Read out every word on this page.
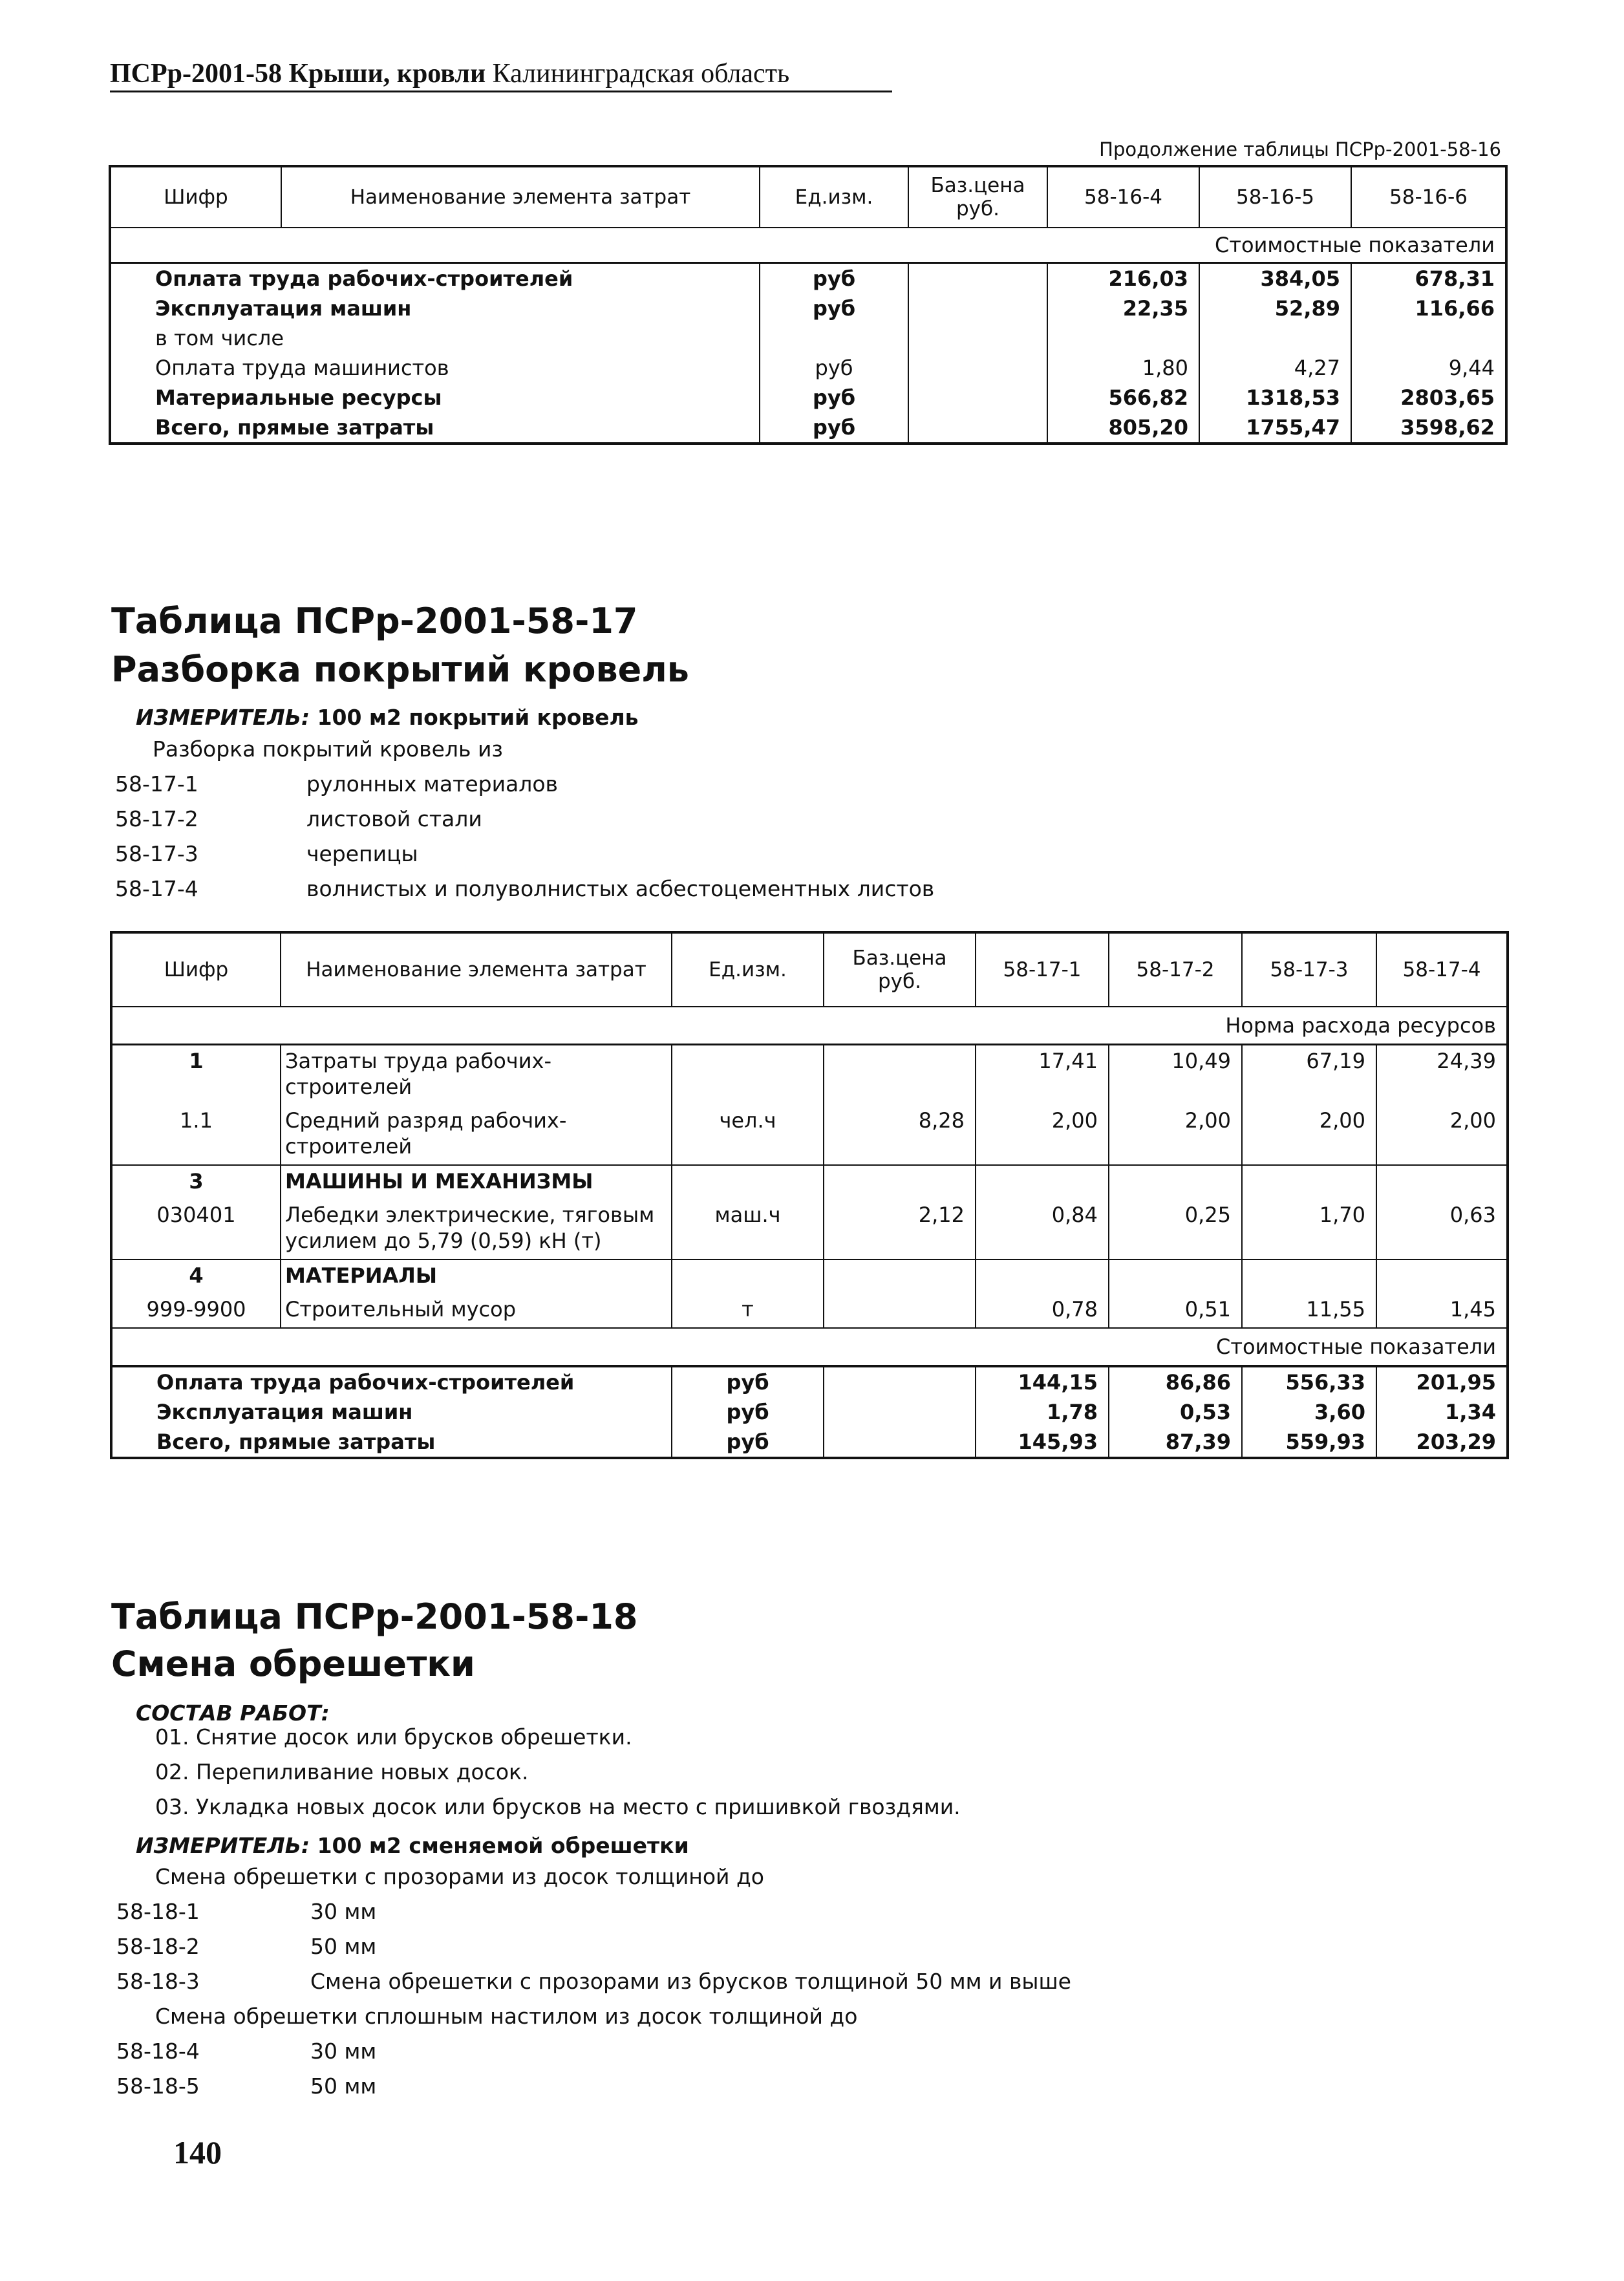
ПСРр-2001-58 Крыши, кровли Калининградская область
Продолжение таблицы ПСРр-2001-58-16
Шифр	Наименование элемента затрат	Ед.изм.	Баз.цена руб.	58-16-4	58-16-5	58-16-6
Стоимостные показатели						
Оплата труда рабочих-строителей		руб		216,03	384,05	678,31
Эксплуатация машин		руб		22,35	52,89	116,66
в том числе						
Оплата труда машинистов		руб		1,80	4,27	9,44
Материальные ресурсы		руб		566,82	1318,53	2803,65
Всего, прямые затраты		руб		805,20	1755,47	3598,62
Таблица ПСРр-2001-58-17
Разборка покрытий кровель
ИЗМЕРИТЕЛЬ: 100 м2 покрытий кровель
Разборка покрытий кровель из
58-17-1	рулонных материалов
58-17-2	листовой стали
58-17-3	черепицы
58-17-4	волнистых и полуволнистых асбестоцементных листов
Шифр	Наименование элемента затрат	Ед.изм.	Баз.цена руб.	58-17-1	58-17-2	58-17-3	58-17-4
Норма расхода ресурсов							
1	Затраты труда рабочих-строителей			17,41	10,49	67,19	24,39
1.1	Средний разряд рабочих-строителей	чел.ч	8,28	2,00	2,00	2,00	2,00
3	МАШИНЫ И МЕХАНИЗМЫ						
030401	Лебедки электрические, тяговым усилием до 5,79 (0,59) кН (т)	маш.ч	2,12	0,84	0,25	1,70	0,63
4	МАТЕРИАЛЫ						
999-9900	Строительный мусор	т		0,78	0,51	11,55	1,45
Стоимостные показатели							
Оплата труда рабочих-строителей		руб		144,15	86,86	556,33	201,95
Эксплуатация машин		руб		1,78	0,53	3,60	1,34
Всего, прямые затраты		руб		145,93	87,39	559,93	203,29
Таблица ПСРр-2001-58-18
Смена обрешетки
СОСТАВ РАБОТ:
01. Снятие досок или брусков обрешетки.
02. Перепиливание новых досок.
03. Укладка новых досок или брусков на место с пришивкой гвоздями.
ИЗМЕРИТЕЛЬ: 100 м2 сменяемой обрешетки
Смена обрешетки с прозорами из досок толщиной до
58-18-1	30 мм
58-18-2	50 мм
58-18-3	Смена обрешетки с прозорами из брусков толщиной 50 мм и выше
Смена обрешетки сплошным настилом из досок толщиной до
58-18-4	30 мм
58-18-5	50 мм
140
